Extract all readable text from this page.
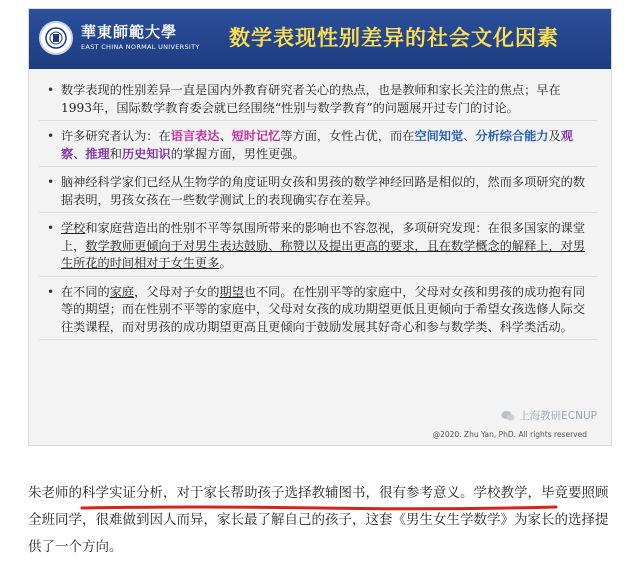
華東師範大學
EAST CHINA NORMAL UNIVERSITY 数学表现性别差异的社会文化因素
• 数学表现的性别差异一直是国内外教育研究者关心的热点，也是教师和家长关注的焦点；早在1993年，国际数学教育委会就已经围绕“性别与数学教育”的问题展开过专门的讨论。
• 许多研究者认为：在语言表达、短时记忆等方面，女性占优，而在空间知觉、分析综合能力及观察、推理和历史知识的掌握方面，男性更强。
• 脑神经科学家们已经从生物学的角度证明女孩和男孩的数学神经回路是相似的，然而多项研究的数据表明，男孩女孩在一些数学测试上的表现确实存在差异。
• 学校和家庭营造出的性别不平等氛围所带来的影响也不容忽视，多项研究发现：在很多国家的课堂上，数学教师更倾向于对男生表达鼓励、称赞以及提出更高的要求，且在数学概念的解释上，对男生所花的时间相对于女生更多。
• 在不同的家庭，父母对子女的期望也不同。在性别平等的家庭中，父母对女孩和男孩的成功抱有同等的期望；而在性别不平等的家庭中，父母对女孩的成功期望更低且更倾向于希望女孩选修人际交往类课程，而对男孩的成功期望更高且更倾向于鼓励发展其好奇心和参与数学类、科学类活动。
上海教研ECNUP
@2020. Zhu Yan, PhD. All rights reserved
朱老师的科学实证分析，对于家长帮助孩子选择教辅图书，很有参考意义。学校教学，毕竟要照顾全班同学，很难做到因人而异，家长最了解自己的孩子，这套《男生女生学数学》为家长的选择提供了一个方向。
